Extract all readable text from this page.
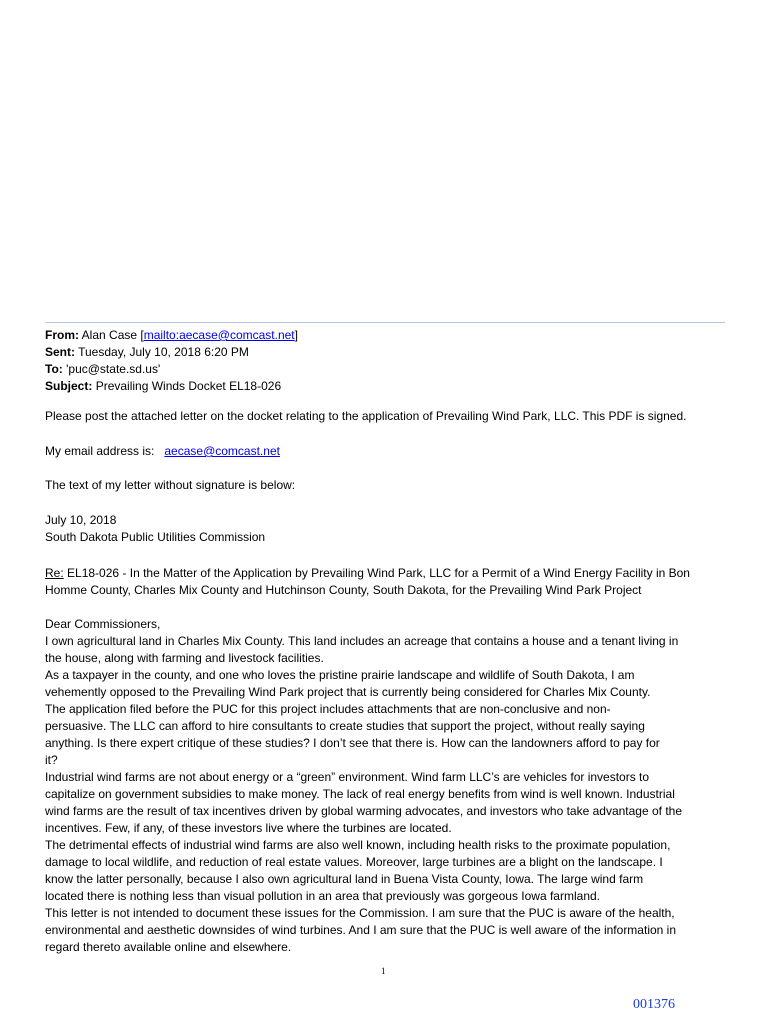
From: Alan Case [mailto:aecase@comcast.net]
Sent: Tuesday, July 10, 2018 6:20 PM
To: 'puc@state.sd.us'
Subject: Prevailing Winds Docket EL18-026
Please post the attached letter on the docket relating to the application of Prevailing Wind Park, LLC. This PDF is signed.
My email address is:   aecase@comcast.net
The text of my letter without signature is below:
July 10, 2018
South Dakota Public Utilities Commission
Re: EL18-026 - In the Matter of the Application by Prevailing Wind Park, LLC for a Permit of a Wind Energy Facility in Bon
Homme County, Charles Mix County and Hutchinson County, South Dakota, for the Prevailing Wind Park Project
Dear Commissioners,
I own agricultural land in Charles Mix County. This land includes an acreage that contains a house and a tenant living in
the house, along with farming and livestock facilities.
As a taxpayer in the county, and one who loves the pristine prairie landscape and wildlife of South Dakota, I am
vehemently opposed to the Prevailing Wind Park project that is currently being considered for Charles Mix County.
The application filed before the PUC for this project includes attachments that are non-conclusive and non-
persuasive. The LLC can afford to hire consultants to create studies that support the project, without really saying
anything. Is there expert critique of these studies? I don’t see that there is. How can the landowners afford to pay for
it?
Industrial wind farms are not about energy or a “green” environment. Wind farm LLC’s are vehicles for investors to
capitalize on government subsidies to make money. The lack of real energy benefits from wind is well known. Industrial
wind farms are the result of tax incentives driven by global warming advocates, and investors who take advantage of the
incentives. Few, if any, of these investors live where the turbines are located.
The detrimental effects of industrial wind farms are also well known, including health risks to the proximate population,
damage to local wildlife, and reduction of real estate values. Moreover, large turbines are a blight on the landscape. I
know the latter personally, because I also own agricultural land in Buena Vista County, Iowa. The large wind farm
located there is nothing less than visual pollution in an area that previously was gorgeous Iowa farmland.
This letter is not intended to document these issues for the Commission. I am sure that the PUC is aware of the health,
environmental and aesthetic downsides of wind turbines. And I am sure that the PUC is well aware of the information in
regard thereto available online and elsewhere.
1
001376
